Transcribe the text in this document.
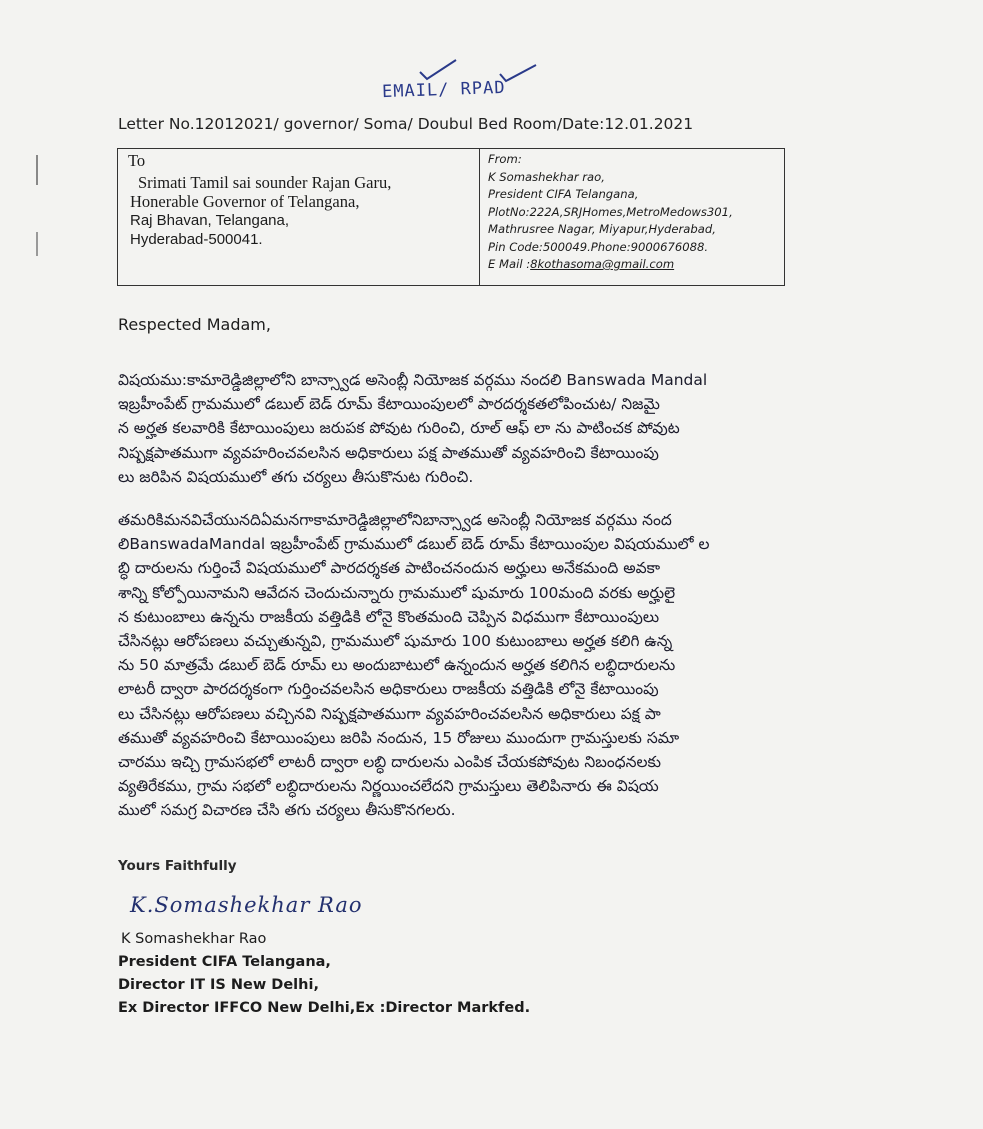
EMAIL/ RPAD
Letter No.12012021/ governor/ Soma/ Doubul Bed Room/Date:12.01.2021
To
Srimati Tamil sai sounder Rajan Garu,
Honerable Governor of Telangana,
Raj Bhavan, Telangana,
Hyderabad-500041.
From:
K Somashekhar rao,
President CIFA Telangana,
PlotNo:222A,SRJHomes,MetroMedows301,
Mathrusree Nagar, Miyapur,Hyderabad,
Pin Code:500049.Phone:9000676088.
E Mail :8kothasoma@gmail.com
Respected Madam,
విషయము:కామారెడ్డిజిల్లాలోని బాన్స్వాడ అసెంబ్లీ నియోజక వర్గము నందలి Banswada Mandal
ఇబ్రహీంపేట్ గ్రామములో డబుల్ బెడ్ రూమ్ కేటాయింపులలో పారదర్శకతలోపించుట/ నిజమై
న అర్హత కలవారికి కేటాయింపులు జరుపక పోవుట గురించి, రూల్ ఆఫ్ లా ను పాటించక పోవుట
నిష్పక్షపాతముగా వ్యవహరించవలసిన అధికారులు పక్ష పాతముతో వ్యవహరించి కేటాయింపు
లు జరిపిన విషయములో తగు చర్యలు తీసుకొనుట గురించి.
తమరికిమనవిచేయునదిఏమనగాకామారెడ్డిజిల్లాలోనిబాన్స్వాడ అసెంబ్లీ నియోజక వర్గము నంద
లిBanswadaMandal ఇబ్రహీంపేట్ గ్రామములో డబుల్ బెడ్ రూమ్ కేటాయింపుల విషయములో ల
బ్ధి దారులను గుర్తించే విషయములో పారదర్శకత పాటించనందున అర్హులు అనేకమంది అవకా
శాన్ని కోల్పోయినామని ఆవేదన చెందుచున్నారు గ్రామములో షుమారు 100మంది వరకు అర్హులై
న కుటుంబాలు ఉన్నను రాజకీయ వత్తిడికి లోనై కొంతమంది చెప్పిన విధముగా కేటాయింపులు
చేసినట్లు ఆరోపణలు వచ్చుతున్నవి, గ్రామములో షుమారు 100 కుటుంబాలు అర్హత కలిగి ఉన్న
ను 50 మాత్రమే డబుల్ బెడ్ రూమ్ లు అందుబాటులో ఉన్నందున అర్హత కలిగిన లబ్ధిదారులను
లాటరీ ద్వారా పారదర్శకంగా గుర్తించవలసిన అధికారులు రాజకీయ వత్తిడికి లోనై కేటాయింపు
లు చేసినట్లు ఆరోపణలు వచ్చినవి నిష్పక్షపాతముగా వ్యవహరించవలసిన అధికారులు పక్ష పా
తముతో వ్యవహరించి కేటాయింపులు జరిపి నందున, 15 రోజులు ముందుగా గ్రామస్తులకు సమా
చారము ఇచ్చి గ్రామసభలో లాటరీ ద్వారా లబ్ధి దారులను ఎంపిక చేయకపోవుట నిబంధనలకు
వ్యతిరేకము, గ్రామ సభలో లబ్ధిదారులను నిర్ణయించలేదని గ్రామస్తులు తెలిపినారు ఈ విషయ
ములో సమగ్ర విచారణ చేసి తగు చర్యలు తీసుకొనగలరు.
Yours Faithfully
K.Somashekhar Rao
K Somashekhar Rao
President CIFA Telangana,
Director IT IS New Delhi,
Ex Director IFFCO New Delhi,Ex :Director Markfed.
